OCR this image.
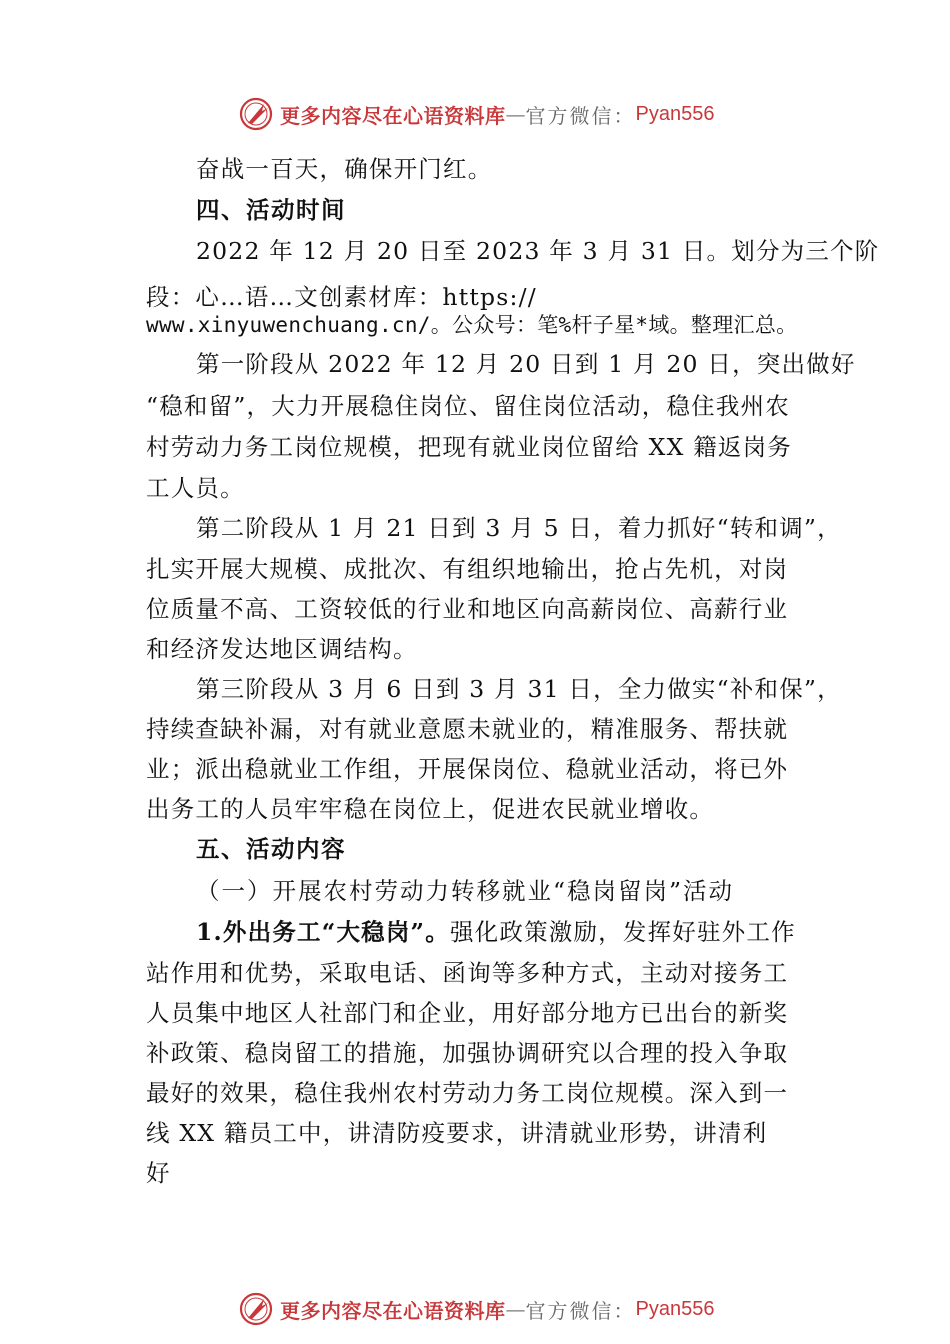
更多内容尽在心语资料库 — 官方微信： Pyan556
奋战一百天，确保开门红。
四、活动时间
2022 年 12 月 20 日至 2023 年 3 月 31 日。划分为三个阶
段：心…语…文创素材库：https://
www.xinyuwenchuang.cn/。公众号：笔%杆子星*域。整理汇总。
第一阶段从 2022 年 12 月 20 日到 1 月 20 日，突出做好
“稳和留”，大力开展稳住岗位、留住岗位活动，稳住我州农
村劳动力务工岗位规模，把现有就业岗位留给 XX 籍返岗务
工人员。
第二阶段从 1 月 21 日到 3 月 5 日，着力抓好“转和调”，
扎实开展大规模、成批次、有组织地输出，抢占先机，对岗
位质量不高、工资较低的行业和地区向高薪岗位、高薪行业
和经济发达地区调结构。
第三阶段从 3 月 6 日到 3 月 31 日，全力做实“补和保”，
持续查缺补漏，对有就业意愿未就业的，精准服务、帮扶就
业；派出稳就业工作组，开展保岗位、稳就业活动，将已外
出务工的人员牢牢稳在岗位上，促进农民就业增收。
五、活动内容
（一）开展农村劳动力转移就业“稳岗留岗”活动
1.外出务工“大稳岗”。强化政策激励，发挥好驻外工作
站作用和优势，采取电话、函询等多种方式，主动对接务工
人员集中地区人社部门和企业，用好部分地方已出台的新奖
补政策、稳岗留工的措施，加强协调研究以合理的投入争取
最好的效果，稳住我州农村劳动力务工岗位规模。深入到一
线 XX 籍员工中，讲清防疫要求，讲清就业形势，讲清利
好
更多内容尽在心语资料库 — 官方微信： Pyan556
